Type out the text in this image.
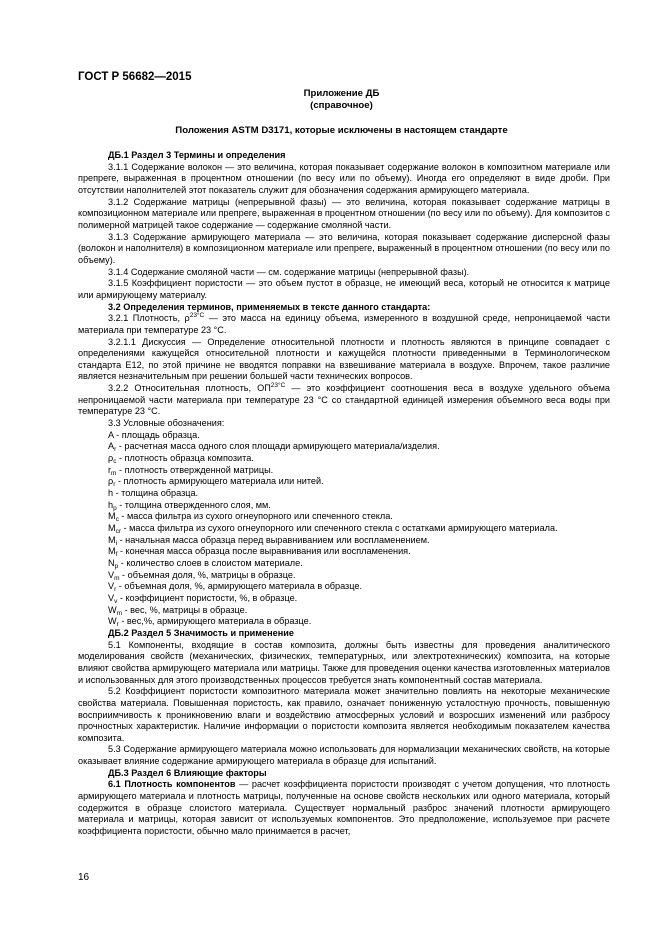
ГОСТ Р 56682—2015
Приложение ДБ
(справочное)
Положения ASTM D3171, которые исключены в настоящем стандарте

ДБ.1 Раздел 3 Термины и определения

3.1.1 Содержание волокон — это величина, которая показывает содержание волокон в композитном материале или препреге, выраженная в процентном отношении (по весу или по объему). Иногда его определяют в виде дроби. При отсутствии наполнителей этот показатель служит для обозначения содержания армирующего материала.

3.1.2 Содержание матрицы (непрерывной фазы) — это величина, которая показывает содержание матрицы в композиционном материале или препреге, выраженная в процентном отношении (по весу или по объему). Для композитов с полимерной матрицей такое содержание — содержание смоляной части.

3.1.3 Содержание армирующего материала — это величина, которая показывает содержание дисперсной фазы (волокон и наполнителя) в композиционном материале или препреге, выраженный в процентном отношении (по весу или по объему).

3.1.4 Содержание смоляной части — см. содержание матрицы (непрерывной фазы).

3.1.5 Коэффициент пористости — это объем пустот в образце, не имеющий веса, который не относится к матрице или армирующему материалу.

3.2 Определения терминов, применяемых в тексте данного стандарта:

3.2.1 Плотность, $\rho^{23^\circ C}$ — это масса на единицу объема, измеренного в воздушной среде, непроницаемой части материала при температуре 23 °С.

3.2.1.1 Дискуссия — Определение относительной плотности и плотность являются в принципе совпадает с определениями кажущейся относительной плотности и кажущейся плотности приведенными в Терминологическом стандарта Е12, по этой причине не вводятся поправки на взвешивание материала в воздухе. Впрочем, такое различие является незначительным при решении большей части технических вопросов.

3.2.2 Относительная плотность, $ОП^{23^\circ C}$ — это коэффициент соотношения веса в воздухе удельного объема непроницаемой части материала при температуре 23 °С со стандартной единицей измерения объемного веса воды при температуре 23 °С.

3.3 Условные обозначения:

A - площадь образца.

$A_r$ - расчетная масса одного слоя площади армирующего материала/изделия.

$\rho_c$ - плотность образца композита.

$r_m$ - плотность отвержденной матрицы.

$\rho_r$ - плотность армирующего материала или нитей.

h - толщина образца.

$h_p$ - толщина отвержденного слоя, мм.

$M_c$ - масса фильтра из сухого огнеупорного или спеченного стекла.

$M_{cr}$ - масса фильтра из сухого огнеупорного или спеченного стекла с остатками армирующего материала.

$M_i$ - начальная масса образца перед выравниванием или воспламенением.

$M_f$ - конечная масса образца после выравнивания или воспламенения.

$N_p$ - количество слоев в слоистом материале.

$V_m$ - объемная доля, %, матрицы в образце.

$V_r$ - объемная доля, %, армирующего материала в образце.

$V_v$ - коэффициент пористости, %, в образце.

$W_m$ - вес, %, матрицы в образце.

$W_r - вес,\%$, армирующего материала в образце.

ДБ.2 Раздел 5 Значимость и применение

5.1 Компоненты, входящие в состав композита, должны быть известны для проведения аналитического моделирования свойств (механических, физических, температурных, или электротехнических) композита, на которые влияют свойства армирующего материала или матрицы. Также для проведения оценки качества изготовленных материалов и использованных для этого производственных процессов требуется знать компонентный состав материала.

5.2 Коэффициент пористости композитного материала может значительно повлиять на некоторые механические свойства материала. Повышенная пористость, как правило, означает пониженную усталостную прочность, повышенную восприимчивость к проникновению влаги и воздействию атмосферных условий и возросших изменений или разбросу прочностных характеристик. Наличие информации о пористости композита является необходимым показателем качества композита.

5.3 Содержание армирующего материала можно использовать для нормализации механических свойств, на которые оказывает влияние содержание армирующего материала в образце для испытаний.

ДБ.3 Раздел 6 Влияющие факторы

6.1 Плотность компонентов — расчет коэффициента пористости производят с учетом допущения, что плотность армирующего материала и плотность матрицы, полученные на основе свойств нескольких или одного материала, который содержится в образце слоистого материала. Существует нормальный разброс значений плотности армирующего материала и матрицы, которая зависит от используемых компонентов. Это предположение, используемое при расчете коэффициента пористости, обычно мало принимается в расчет,

16
